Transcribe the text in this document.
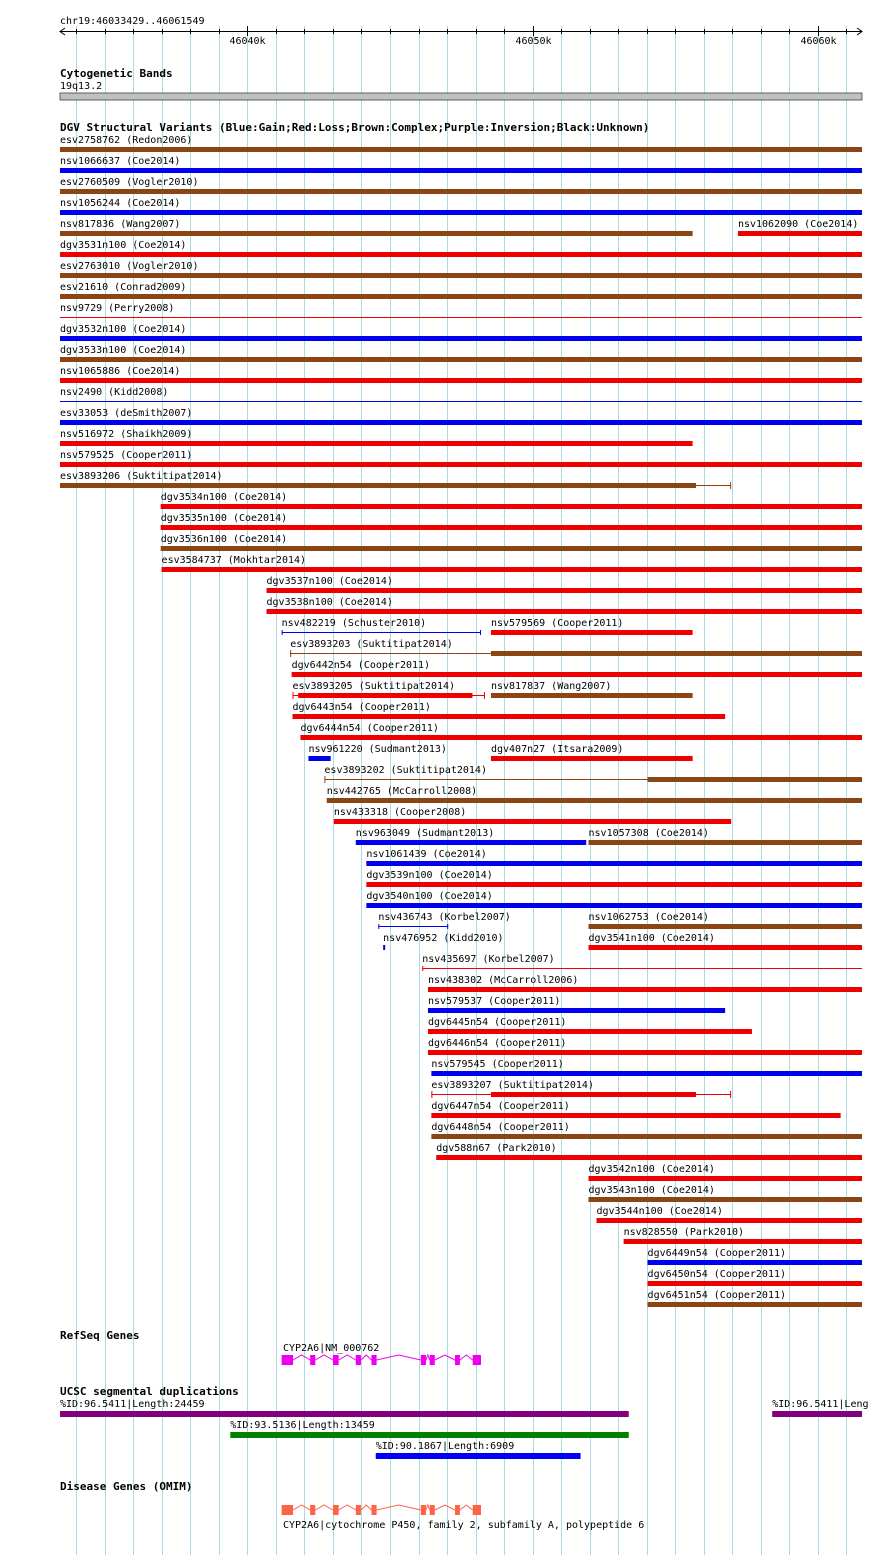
chr19:46033429..46061549
46040k	46050k	46060k
Cytogenetic Bands
19q13.2
DGV Structural Variants (Blue:Gain;Red:Loss;Brown:Complex;Purple:Inversion;Black:Unknown)
esv2758762 (Redon2006)
nsv1066637 (Coe2014)
esv2760509 (Vogler2010)
nsv1056244 (Coe2014)
nsv817836 (Wang2007)	nsv1062090 (Coe2014)
dgv3531n100 (Coe2014)
esv2763010 (Vogler2010)
esv21610 (Conrad2009)
nsv9729 (Perry2008)
dgv3532n100 (Coe2014)
dgv3533n100 (Coe2014)
nsv1065886 (Coe2014)
nsv2490 (Kidd2008)
esv33053 (deSmith2007)
nsv516972 (Shaikh2009)
nsv579525 (Cooper2011)
esv3893206 (Suktitipat2014)
dgv3534n100 (Coe2014)
dgv3535n100 (Coe2014)
dgv3536n100 (Coe2014)
esv3584737 (Mokhtar2014)
dgv3537n100 (Coe2014)
dgv3538n100 (Coe2014)
nsv482219 (Schuster2010)	nsv579569 (Cooper2011)
esv3893203 (Suktitipat2014)
dgv6442n54 (Cooper2011)
esv3893205 (Suktitipat2014)	nsv817837 (Wang2007)
dgv6443n54 (Cooper2011)
dgv6444n54 (Cooper2011)
nsv961220 (Sudmant2013)	dgv407n27 (Itsara2009)
esv3893202 (Suktitipat2014)
nsv442765 (McCarroll2008)
nsv433318 (Cooper2008)
nsv963049 (Sudmant2013)	nsv1057308 (Coe2014)
nsv1061439 (Coe2014)
dgv3539n100 (Coe2014)
dgv3540n100 (Coe2014)
nsv436743 (Korbel2007)	nsv1062753 (Coe2014)
nsv476952 (Kidd2010)	dgv3541n100 (Coe2014)
nsv435697 (Korbel2007)
nsv438302 (McCarroll2006)
nsv579537 (Cooper2011)
dgv6445n54 (Cooper2011)
dgv6446n54 (Cooper2011)
nsv579545 (Cooper2011)
esv3893207 (Suktitipat2014)
dgv6447n54 (Cooper2011)
dgv6448n54 (Cooper2011)
dgv588n67 (Park2010)
dgv3542n100 (Coe2014)
dgv3543n100 (Coe2014)
dgv3544n100 (Coe2014)
nsv828550 (Park2010)
dgv6449n54 (Cooper2011)
dgv6450n54 (Cooper2011)
dgv6451n54 (Cooper2011)
RefSeq Genes
CYP2A6|NM_000762
UCSC segmental duplications
%ID:96.5411|Length:24459	%ID:96.5411|Leng
%ID:93.5136|Length:13459
%ID:90.1867|Length:6909
Disease Genes (OMIM)
CYP2A6|cytochrome P450, family 2, subfamily A, polypeptide 6
